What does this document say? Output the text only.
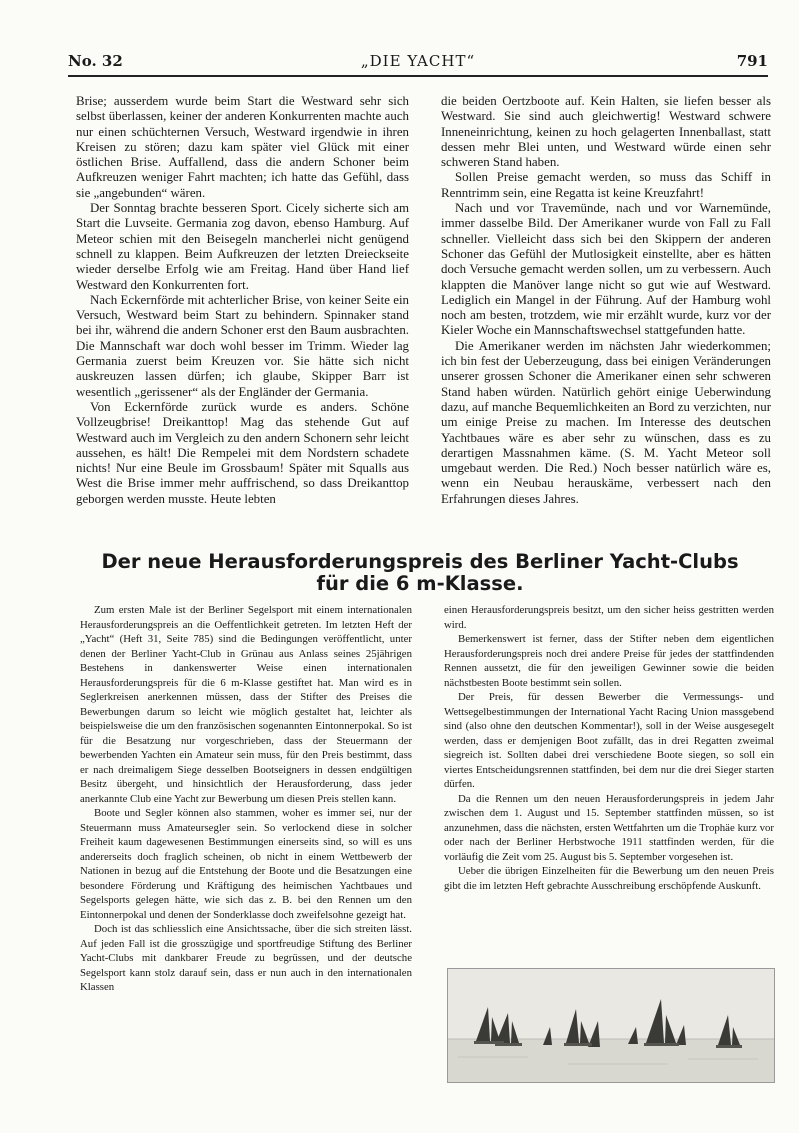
No. 32	„DIE YACHT“	791

Brise; ausserdem wurde beim Start die Westward sehr sich selbst überlassen, keiner der anderen Konkurrenten machte auch nur einen schüchternen Versuch, Westward irgendwie in ihren Kreisen zu stören; dazu kam später viel Glück mit einer östlichen Brise. Auffallend, dass die andern Schoner beim Aufkreuzen weniger Fahrt machten; ich hatte das Gefühl, dass sie „angebunden“ wären.

Der Sonntag brachte besseren Sport. Cicely sicherte sich am Start die Luvseite. Germania zog davon, ebenso Hamburg. Auf Meteor schien mit den Beisegeln mancherlei nicht genügend schnell zu klappen. Beim Aufkreuzen der letzten Dreieckseite wieder derselbe Erfolg wie am Freitag. Hand über Hand lief Westward den Konkurrenten fort.

Nach Eckernförde mit achterlicher Brise, von keiner Seite ein Versuch, Westward beim Start zu behindern. Spinnaker stand bei ihr, während die andern Schoner erst den Baum ausbrachten. Die Mannschaft war doch wohl besser im Trimm. Wieder lag Germania zuerst beim Kreuzen vor. Sie hätte sich nicht auskreuzen lassen dürfen; ich glaube, Skipper Barr ist wesentlich „gerissener“ als der Engländer der Germania.

Von Eckernförde zurück wurde es anders. Schöne Vollzeugbrise! Dreikanttop! Mag das stehende Gut auf Westward auch im Vergleich zu den andern Schonern sehr leicht aussehen, es hält! Die Rempelei mit dem Nordstern schadete nichts! Nur eine Beule im Grossbaum! Später mit Squalls aus West die Brise immer mehr auffrischend, so dass Dreikanttop geborgen werden musste. Heute lebten

die beiden Oertzboote auf. Kein Halten, sie liefen besser als Westward. Sie sind auch gleichwertig! Westward schwere Inneneinrichtung, keinen zu hoch gelagerten Innenballast, statt dessen mehr Blei unten, und Westward würde einen sehr schweren Stand haben.

Sollen Preise gemacht werden, so muss das Schiff in Renntrimm sein, eine Regatta ist keine Kreuzfahrt!

Nach und vor Travemünde, nach und vor Warnemünde, immer dasselbe Bild. Der Amerikaner wurde von Fall zu Fall schneller. Vielleicht dass sich bei den Skippern der anderen Schoner das Gefühl der Mutlosigkeit einstellte, aber es hätten doch Versuche gemacht werden sollen, um zu verbessern. Auch klappten die Manöver lange nicht so gut wie auf Westward. Lediglich ein Mangel in der Führung. Auf der Hamburg wohl noch am besten, trotzdem, wie mir erzählt wurde, kurz vor der Kieler Woche ein Mannschaftswechsel stattgefunden hatte.

Die Amerikaner werden im nächsten Jahr wiederkommen; ich bin fest der Ueberzeugung, dass bei einigen Veränderungen unserer grossen Schoner die Amerikaner einen sehr schweren Stand haben würden. Natürlich gehört einige Ueberwindung dazu, auf manche Bequemlichkeiten an Bord zu verzichten, nur um einige Preise zu machen. Im Interesse des deutschen Yachtbaues wäre es aber sehr zu wünschen, dass es zu derartigen Massnahmen käme. (S. M. Yacht Meteor soll umgebaut werden. Die Red.) Noch besser natürlich wäre es, wenn ein Neubau herauskäme, verbessert nach den Erfahrungen dieses Jahres.

Der neue Herausforderungspreis des Berliner Yacht-Clubs
für die 6 m-Klasse.

Zum ersten Male ist der Berliner Segelsport mit einem internationalen Herausforderungspreis an die Oeffentlichkeit getreten. Im letzten Heft der „Yacht“ (Heft 31, Seite 785) sind die Bedingungen veröffentlicht, unter denen der Berliner Yacht-Club in Grünau aus Anlass seines 25jährigen Bestehens in dankenswerter Weise einen internationalen Herausforderungspreis für die 6 m-Klasse gestiftet hat. Man wird es in Seglerkreisen anerkennen müssen, dass der Stifter des Preises die Bewerbungen darum so leicht wie möglich gestaltet hat, leichter als beispielsweise die um den französischen sogenannten Eintonnerpokal. So ist für die Besatzung nur vorgeschrieben, dass der Steuermann der bewerbenden Yachten ein Amateur sein muss, für den Preis bestimmt, dass er nach dreimaligem Siege desselben Bootseigners in dessen endgültigen Besitz übergeht, und hinsichtlich der Herausforderung, dass jeder anerkannte Club eine Yacht zur Bewerbung um diesen Preis stellen kann.

Boote und Segler können also stammen, woher es immer sei, nur der Steuermann muss Amateursegler sein. So verlockend diese in solcher Freiheit kaum dagewesenen Bestimmungen einerseits sind, so will es uns andererseits doch fraglich scheinen, ob nicht in einem Wettbewerb der Nationen in bezug auf die Entstehung der Boote und die Besatzungen eine besondere Förderung und Kräftigung des heimischen Yachtbaues und Segelsports gelegen hätte, wie sich das z. B. bei den Rennen um den Eintonnerpokal und denen der Sonderklasse doch zweifelsohne gezeigt hat.

Doch ist das schliesslich eine Ansichtssache, über die sich streiten lässt. Auf jeden Fall ist die grosszügige und sportfreudige Stiftung des Berliner Yacht-Clubs mit dankbarer Freude zu begrüssen, und der deutsche Segelsport kann stolz darauf sein, dass er nun auch in den internationalen Klassen

einen Herausforderungspreis besitzt, um den sicher heiss gestritten werden wird.

Bemerkenswert ist ferner, dass der Stifter neben dem eigentlichen Herausforderungspreis noch drei andere Preise für jedes der stattfindenden Rennen aussetzt, die für den jeweiligen Gewinner sowie die beiden nächstbesten Boote bestimmt sein sollen.

Der Preis, für dessen Bewerber die Vermessungs- und Wettsegelbestimmungen der International Yacht Racing Union massgebend sind (also ohne den deutschen Kommentar!), soll in der Weise ausgesegelt werden, dass er demjenigen Boot zufällt, das in drei Regatten zweimal siegreich ist. Sollten dabei drei verschiedene Boote siegen, so soll ein viertes Entscheidungsrennen stattfinden, bei dem nur die drei Sieger starten dürfen.

Da die Rennen um den neuen Herausforderungspreis in jedem Jahr zwischen dem 1. August und 15. September stattfinden müssen, so ist anzunehmen, dass die nächsten, ersten Wettfahrten um die Trophäe kurz vor oder nach der Berliner Herbstwoche 1911 stattfinden werden, für die vorläufig die Zeit vom 25. August bis 5. September vorgesehen ist.

Ueber die übrigen Einzelheiten für die Bewerbung um den neuen Preis gibt die im letzten Heft gebrachte Ausschreibung erschöpfende Auskunft.
